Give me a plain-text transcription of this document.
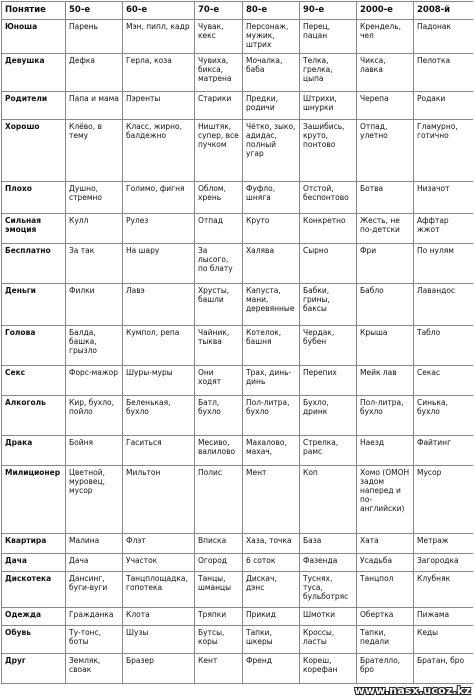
Понятие	50-е	60-е	70-е	80-е	90-е	2000-е	2008-й
Юноша	Парень	Мэн, пипл, кадр	Чувак, кекс	Персонаж, мужик, штрих	Перец, пацан	Крендель, чел	Падонак
Девушка	Дефка	Герла, коза	Чувиха, бикса, матрена	Мочалка, баба	Телка, грелка, цыпа	Чикса, лавка	Пелотка
Родители	Папа и мама	Пэренты	Старики	Предки, родичи	Штрихи, шнурки	Черепа	Родаки
Хорошо	Клёво, в тему	Класс, жирно, балдежно	Ништяк, супер, все пучком	Чётко, зыко, адидас, полный угар	Зашибись, круто, понтово	Отпад, улетно	Гламурно, готично
Плохо	Душно, стремно	Голимо, фигня	Облом, хрень	Фуфло, шняга	Отстой, беспонтово	Ботва	Низачот
Сильная эмоция	Кулл	Рулез	Отпад	Круто	Конкретно	Жесть, не по-детски	Аффтар жжот
Бесплатно	За так	На шару	За лысого, по блату	Халява	Сырно	Фри	По нулям
Деньги	Филки	Лавэ	Хрусты, башли	Капуста, мани, деревянные	Бабки, грины, баксы	Бабло	Лавандос
Голова	Балда, башка, грызло	Кумпол, репа	Чайник, тыква	Котелок, башня	Чердак, бубен	Крыша	Табло
Секс	Форс-мажор	Шуры-муры	Они ходят	Трах, динь-динь	Перепих	Мейк лав	Секас
Алкоголь	Кир, бухло, пойло	Беленькая, бухло	Батл, бухло	Пол-литра, бухло	Бухло, дринк	Пол-литра, бухло	Синька, бухло
Драка	Бойня	Гаситься	Месиво, валилово	Махалово, махач,	Стрелка, рамс	Наезд	Файтинг
Милиционер	Цветной, муровец, мусор	Мильтон	Полис	Мент	Коп	Хомо (ОМОН задом наперед и по-английски)	Мусор
Квартира	Малина	Флэт	Вписка	Хаза, точка	База	Хата	Метраж
Дача	Дача	Участок	Огород	6 соток	Фазенда	Усадьба	Загородка
Дискотека	Дансинг, буги-вуги	Танцплощадка, гопотека	Танцы, шманцы	Дискач, дэнс	Туснях, туса, бульботряс	Танцпол	Клубняк
Одежда	Гражданка	Клота	Тряпки	Прикид	Шмотки	Обертка	Пижама
Обувь	Ту-тонс, боты	Шузы	Бутсы, коры	Тапки, шкеры	Кроссы, ласты	Тапки, педали	Кеды
Друг	Земляк, своак	Бразер	Кент	Френд	Кореш, корефан	Брателло, бро	Братан, бро
www.nasx.ucoz.kz
